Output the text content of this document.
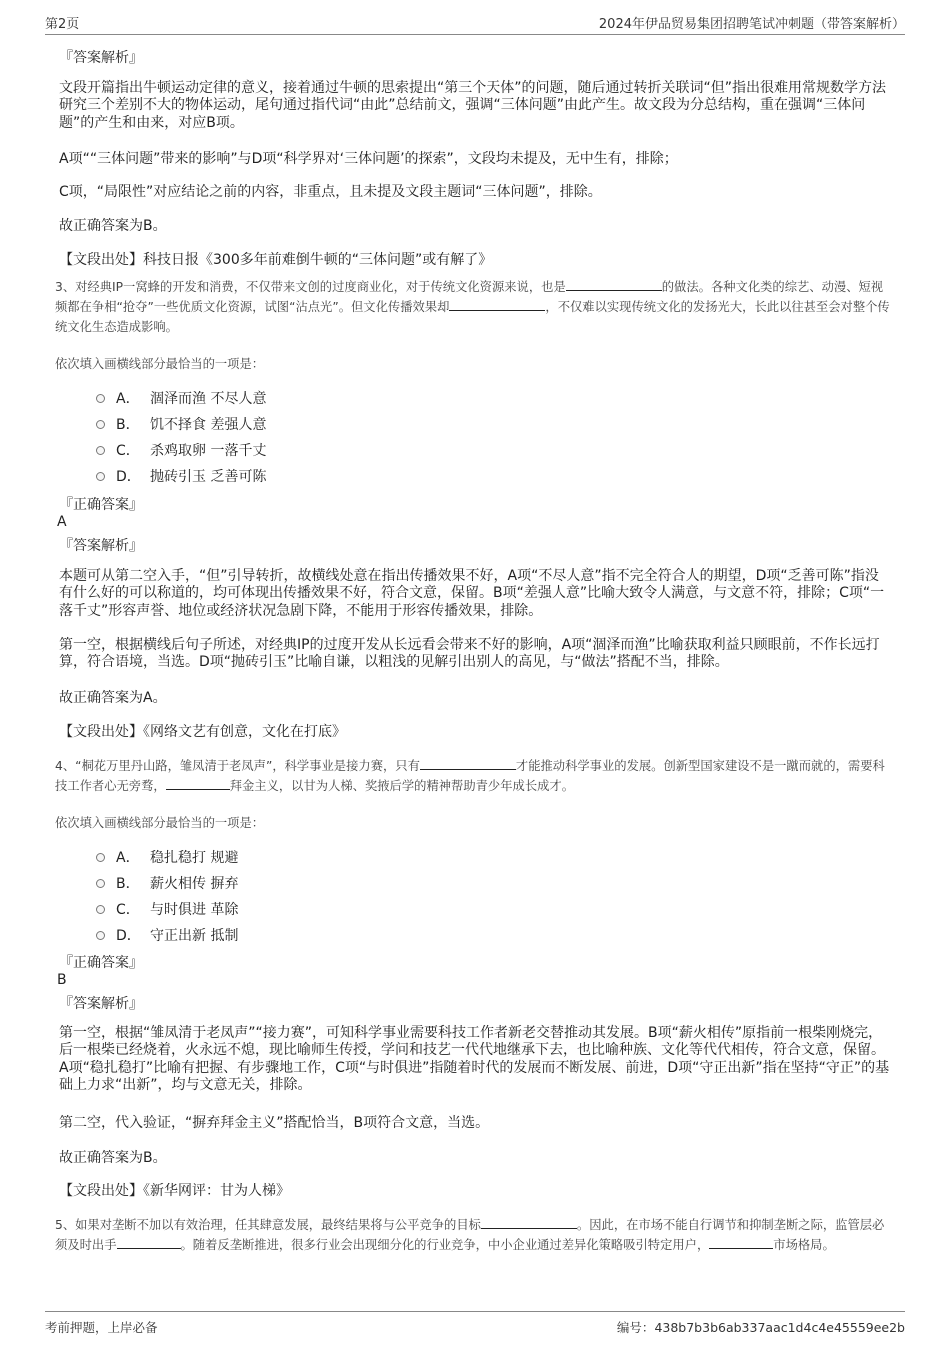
第2页	2024年伊品贸易集团招聘笔试冲刺题（带答案解析）
『答案解析』
文段开篇指出牛顿运动定律的意义，接着通过牛顿的思索提出“第三个天体”的问题，随后通过转折关联词“但”指出很难用常规数学方法研究三个差别不大的物体运动，尾句通过指代词“由此”总结前文，强调“三体问题”由此产生。故文段为分总结构，重在强调“三体问题”的产生和由来，对应B项。
A项““三体问题”带来的影响”与D项“科学界对‘三体问题’的探索”，文段均未提及，无中生有，排除；
C项，“局限性”对应结论之前的内容，非重点，且未提及文段主题词“三体问题”，排除。
故正确答案为B。
【文段出处】科技日报《300多年前难倒牛顿的“三体问题”或有解了》
3、对经典IP一窝蜂的开发和消费，不仅带来文创的过度商业化，对于传统文化资源来说，也是	的做法。各种文化类的综艺、动漫、短视频都在争相“抢夺”一些优质文化资源，试图“沾点光”。但文化传播效果却	，不仅难以实现传统文化的发扬光大，长此以往甚至会对整个传统文化生态造成影响。
依次填入画横线部分最恰当的一项是：
A． 涸泽而渔 不尽人意
B． 饥不择食 差强人意
C． 杀鸡取卵 一落千丈
D． 抛砖引玉 乏善可陈
『正确答案』
A
『答案解析』
本题可从第二空入手，“但”引导转折，故横线处意在指出传播效果不好，A项“不尽人意”指不完全符合人的期望，D项“乏善可陈”指没有什么好的可以称道的，均可体现出传播效果不好，符合文意，保留。B项“差强人意”比喻大致令人满意，与文意不符，排除；C项“一落千丈”形容声誉、地位或经济状况急剧下降，不能用于形容传播效果，排除。
第一空，根据横线后句子所述，对经典IP的过度开发从长远看会带来不好的影响，A项“涸泽而渔”比喻获取利益只顾眼前，不作长远打算，符合语境，当选。D项“抛砖引玉”比喻自谦，以粗浅的见解引出别人的高见，与“做法”搭配不当，排除。
故正确答案为A。
【文段出处】《网络文艺有创意，文化在打底》
4、“桐花万里丹山路，雏凤清于老凤声”，科学事业是接力赛，只有	才能推动科学事业的发展。创新型国家建设不是一蹴而就的，需要科技工作者心无旁骛，	拜金主义，以甘为人梯、奖掖后学的精神帮助青少年成长成才。
依次填入画横线部分最恰当的一项是：
A． 稳扎稳打 规避
B． 薪火相传 摒弃
C． 与时俱进 革除
D． 守正出新 抵制
『正确答案』
B
『答案解析』
第一空，根据“雏凤清于老凤声”“接力赛”，可知科学事业需要科技工作者新老交替推动其发展。B项“薪火相传”原指前一根柴刚烧完，后一根柴已经烧着，火永远不熄，现比喻师生传授，学问和技艺一代代地继承下去，也比喻种族、文化等代代相传，符合文意，保留。A项“稳扎稳打”比喻有把握、有步骤地工作，C项“与时俱进”指随着时代的发展而不断发展、前进，D项“守正出新”指在坚持“守正”的基础上力求“出新”，均与文意无关，排除。
第二空，代入验证，“摒弃拜金主义”搭配恰当，B项符合文意，当选。
故正确答案为B。
【文段出处】《新华网评：甘为人梯》
5、如果对垄断不加以有效治理，任其肆意发展，最终结果将与公平竞争的目标	。因此，在市场不能自行调节和抑制垄断之际，监管层必须及时出手	。随着反垄断推进，很多行业会出现细分化的行业竞争，中小企业通过差异化策略吸引特定用户，	市场格局。
考前押题，上岸必备	编号：438b7b3b6ab337aac1d4c4e45559ee2b
